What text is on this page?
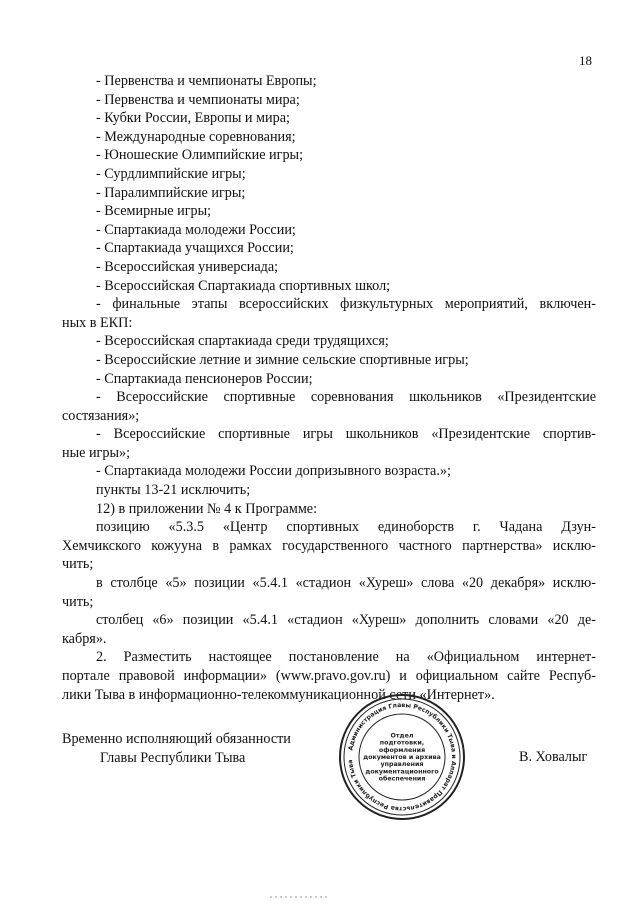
18
- Первенства и чемпионаты Европы;
- Первенства и чемпионаты мира;
- Кубки России, Европы и мира;
- Международные соревнования;
- Юношеские Олимпийские игры;
- Сурдлимпийские игры;
- Паралимпийские игры;
- Всемирные игры;
- Спартакиада молодежи России;
- Спартакиада учащихся России;
- Всероссийская универсиада;
- Всероссийская Спартакиада спортивных школ;
- финальные этапы всероссийских физкультурных мероприятий, включен-
ных в ЕКП:
- Всероссийская спартакиада среди трудящихся;
- Всероссийские летние и зимние сельские спортивные игры;
- Спартакиада пенсионеров России;
- Всероссийские спортивные соревнования школьников «Президентские
состязания»;
- Всероссийские спортивные игры школьников «Президентские спортив-
ные игры»;
- Спартакиада молодежи России допризывного возраста.»;
пункты 13-21 исключить;
12) в приложении № 4 к Программе:
позицию «5.3.5 «Центр спортивных единоборств г. Чадана Дзун-
Хемчикского кожууна в рамках государственного частного партнерства» исклю-
чить;
в столбце «5» позиции «5.4.1 «стадион «Хуреш» слова «20 декабря» исклю-
чить;
столбец «6» позиции «5.4.1 «стадион «Хуреш» дополнить словами «20 де-
кабря».
2. Разместить настоящее постановление на «Официальном интернет-
портале правовой информации» (www.pravo.gov.ru) и официальном сайте Респуб-
лики Тыва в информационно-телекоммуникационной сети «Интернет».
Временно исполняющий обязанности
Главы Республики Тыва	В. Ховалыг
Администрация Главы Республики Тыва и Аппарат Правительства Республики Тыва
Отдел
подготовки,
оформления
документов и архива
управления
документационного
обеспечения
